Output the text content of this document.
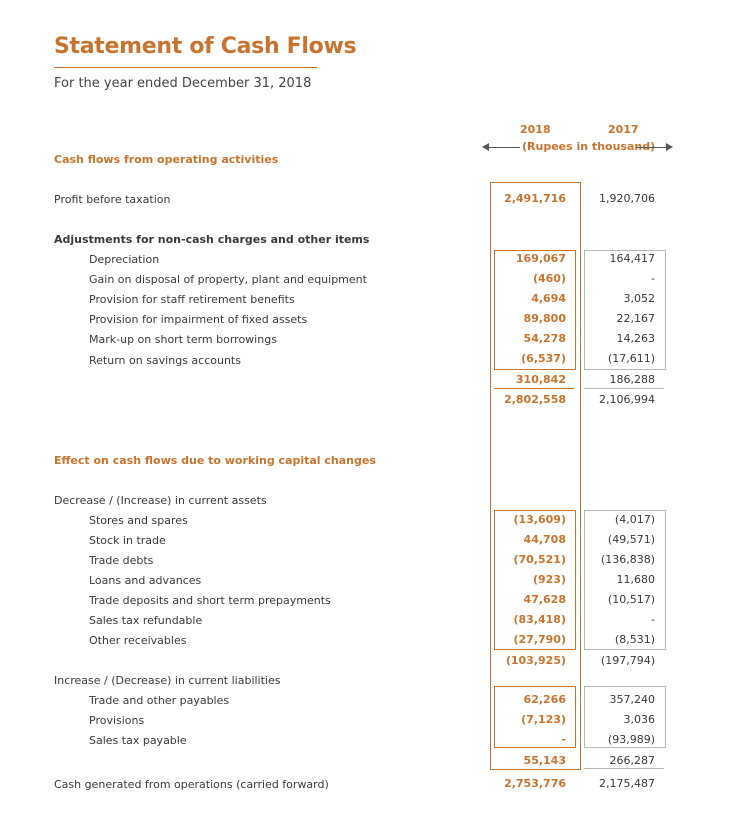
Statement of Cash Flows
For the year ended December 31, 2018
2018	2017
(Rupees in thousand)
Cash flows from operating activities
Profit before taxation	2,491,716	1,920,706
Adjustments for non-cash charges and other items
Depreciation	169,067	164,417
Gain on disposal of property, plant and equipment	(460)	-
Provision for staff retirement benefits	4,694	3,052
Provision for impairment of fixed assets	89,800	22,167
Mark-up on short term borrowings	54,278	14,263
Return on savings accounts	(6,537)	(17,611)
310,842	186,288
2,802,558	2,106,994
Effect on cash flows due to working capital changes
Decrease / (Increase) in current assets
Stores and spares	(13,609)	(4,017)
Stock in trade	44,708	(49,571)
Trade debts	(70,521)	(136,838)
Loans and advances	(923)	11,680
Trade deposits and short term prepayments	47,628	(10,517)
Sales tax refundable	(83,418)	-
Other receivables	(27,790)	(8,531)
(103,925)	(197,794)
Increase / (Decrease) in current liabilities
Trade and other payables	62,266	357,240
Provisions	(7,123)	3,036
Sales tax payable	-	(93,989)
55,143	266,287
Cash generated from operations (carried forward)	2,753,776	2,175,487
